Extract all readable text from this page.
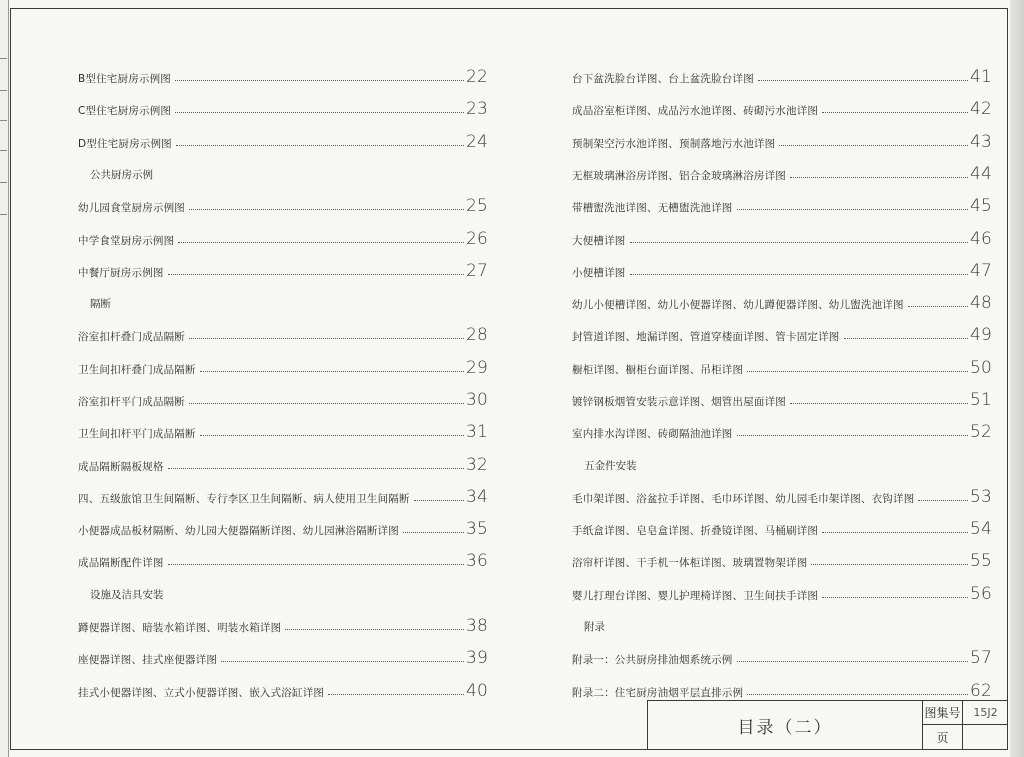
B型住宅厨房示例图	22
C型住宅厨房示例图	23
D型住宅厨房示例图	24
公共厨房示例
幼儿园食堂厨房示例图	25
中学食堂厨房示例图	26
中餐厅厨房示例图	27
隔断
浴室扣杆叠门成品隔断	28
卫生间扣杆叠门成品隔断	29
浴室扣杆平门成品隔断	30
卫生间扣杆平门成品隔断	31
成品隔断隔板规格	32
四、五级旅馆卫生间隔断、专行李区卫生间隔断、病人使用卫生间隔断	34
小便器成品板材隔断、幼儿园大便器隔断详图、幼儿园淋浴隔断详图	35
成品隔断配件详图	36
设施及洁具安装
蹲便器详图、暗装水箱详图、明装水箱详图	38
座便器详图、挂式座便器详图	39
挂式小便器详图、立式小便器详图、嵌入式浴缸详图	40
台下盆洗脸台详图、台上盆洗脸台详图	41
成品浴室柜详图、成品污水池详图、砖砌污水池详图	42
预制架空污水池详图、预制落地污水池详图	43
无框玻璃淋浴房详图、铝合金玻璃淋浴房详图	44
带槽盥洗池详图、无槽盥洗池详图	45
大便槽详图	46
小便槽详图	47
幼儿小便槽详图、幼儿小便器详图、幼儿蹲便器详图、幼儿盥洗池详图	48
封管道详图、地漏详图、管道穿楼面详图、管卡固定详图	49
橱柜详图、橱柜台面详图、吊柜详图	50
镀锌钢板烟管安装示意详图、烟管出屋面详图	51
室内排水沟详图、砖砌隔油池详图	52
五金件安装
毛巾架详图、浴盆拉手详图、毛巾环详图、幼儿园毛巾架详图、衣钩详图	53
手纸盒详图、皂皂盒详图、折叠镜详图、马桶刷详图	54
浴帘杆详图、干手机一体柜详图、玻璃置物架详图	55
婴儿打理台详图、婴儿护理椅详图、卫生间扶手详图	56
附录
附录一：公共厨房排油烟系统示例	57
附录二：住宅厨房油烟平层直排示例	62
目录（二）
图集号	15J2
页
